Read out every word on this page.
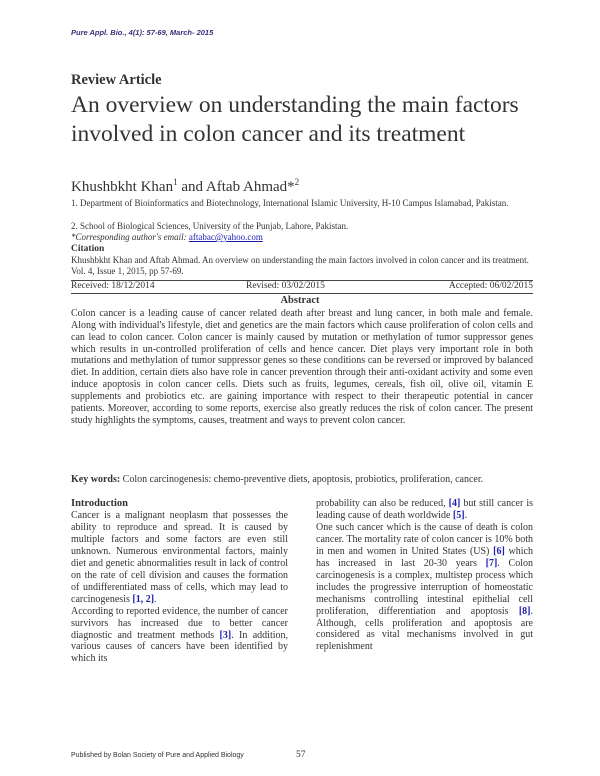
Pure Appl. Bio., 4(1): 57-69, March- 2015
Review Article
An overview on understanding the main factors involved in colon cancer and its treatment
Khushbkht Khan$^1$ and Aftab Ahmad*$^2$
1. Department of Bioinformatics and Biotechnology, International Islamic University, H-10 Campus Islamabad, Pakistan.
2. School of Biological Sciences, University of the Punjab, Lahore, Pakistan.
*Corresponding author's email: aftabac@yahoo.com
Citation
Khushbkht Khan and Aftab Ahmad. An overview on understanding the main factors involved in colon cancer and its treatment. Vol. 4, Issue 1, 2015, pp 57-69.
Received: 18/12/2014	Revised: 03/02/2015	Accepted: 06/02/2015
Abstract
Colon cancer is a leading cause of cancer related death after breast and lung cancer, in both male and female. Along with individual's lifestyle, diet and genetics are the main factors which cause proliferation of colon cells and can lead to colon cancer. Colon cancer is mainly caused by mutation or methylation of tumor suppressor genes which results in un-controlled proliferation of cells and hence cancer. Diet plays very important role in both mutations and methylation of tumor suppressor genes so these conditions can be reversed or improved by balanced diet. In addition, certain diets also have role in cancer prevention through their anti-oxidant activity and some even induce apoptosis in colon cancer cells. Diets such as fruits, legumes, cereals, fish oil, olive oil, vitamin E supplements and probiotics etc. are gaining importance with respect to their therapeutic potential in cancer patients. Moreover, according to some reports, exercise also greatly reduces the risk of colon cancer. The present study highlights the symptoms, causes, treatment and ways to prevent colon cancer.
Key words: Colon carcinogenesis: chemo-preventive diets, apoptosis, probiotics, proliferation, cancer.
Introduction

Cancer is a malignant neoplasm that possesses the ability to reproduce and spread. It is caused by multiple factors and some factors are even still unknown. Numerous environmental factors, mainly diet and genetic abnormalities result in lack of control on the rate of cell division and causes the formation of undifferentiated mass of cells, which may lead to carcinogenesis [1, 2].

According to reported evidence, the number of cancer survivors has increased due to better cancer diagnostic and treatment methods [3]. In addition, various causes of cancers have been identified by which its

probability can also be reduced, [4] but still cancer is leading cause of death worldwide [5].

One such cancer which is the cause of death is colon cancer. The mortality rate of colon cancer is 10% both in men and women in United States (US) [6] which has increased in last 20-30 years [7]. Colon carcinogenesis is a complex, multistep process which includes the progressive interruption of homeostatic mechanisms controlling intestinal epithelial cell proliferation, differentiation and apoptosis [8]. Although, cells proliferation and apoptosis are considered as vital mechanisms involved in gut replenishment

Published by Bolan Society of Pure and Applied Biology	57
